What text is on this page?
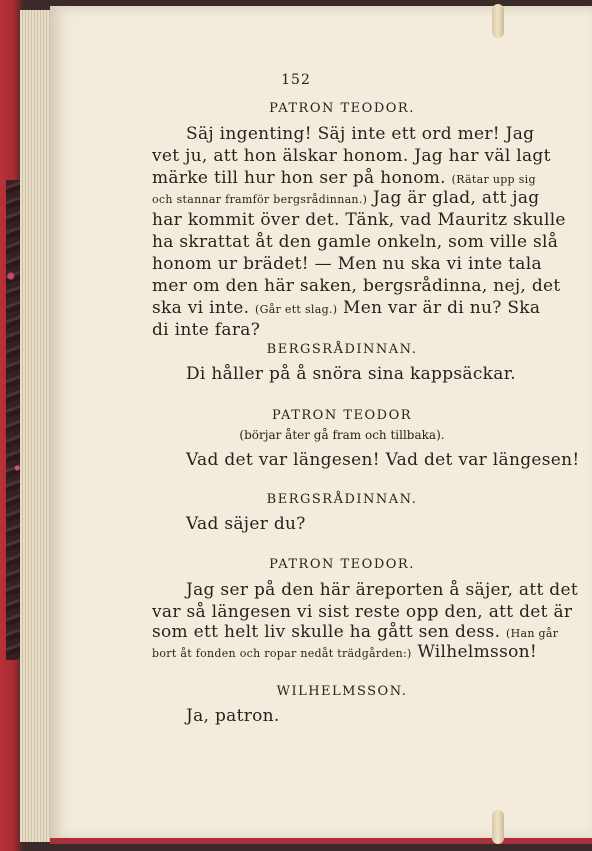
152
PATRON TEODOR.
Säj ingenting! Säj inte ett ord mer! Jag
vet ju, att hon älskar honom. Jag har väl lagt
märke till hur hon ser på honom. (Rätar upp sig
och stannar framför bergsrådinnan.) Jag är glad, att jag
har kommit över det. Tänk, vad Mauritz skulle
ha skrattat åt den gamle onkeln, som ville slå
honom ur brädet! — Men nu ska vi inte tala
mer om den här saken, bergsrådinna, nej, det
ska vi inte. (Går ett slag.) Men var är di nu? Ska
di inte fara?
BERGSRÅDINNAN.
Di håller på å snöra sina kappsäckar.
PATRON TEODOR
(börjar åter gå fram och tillbaka).
Vad det var längesen! Vad det var längesen!
BERGSRÅDINNAN.
Vad säjer du?
PATRON TEODOR.
Jag ser på den här äreporten å säjer, att det
var så längesen vi sist reste opp den, att det är
som ett helt liv skulle ha gått sen dess. (Han går
bort åt fonden och ropar nedåt trädgården:) Wilhelmsson!
WILHELMSSON.
Ja, patron.
